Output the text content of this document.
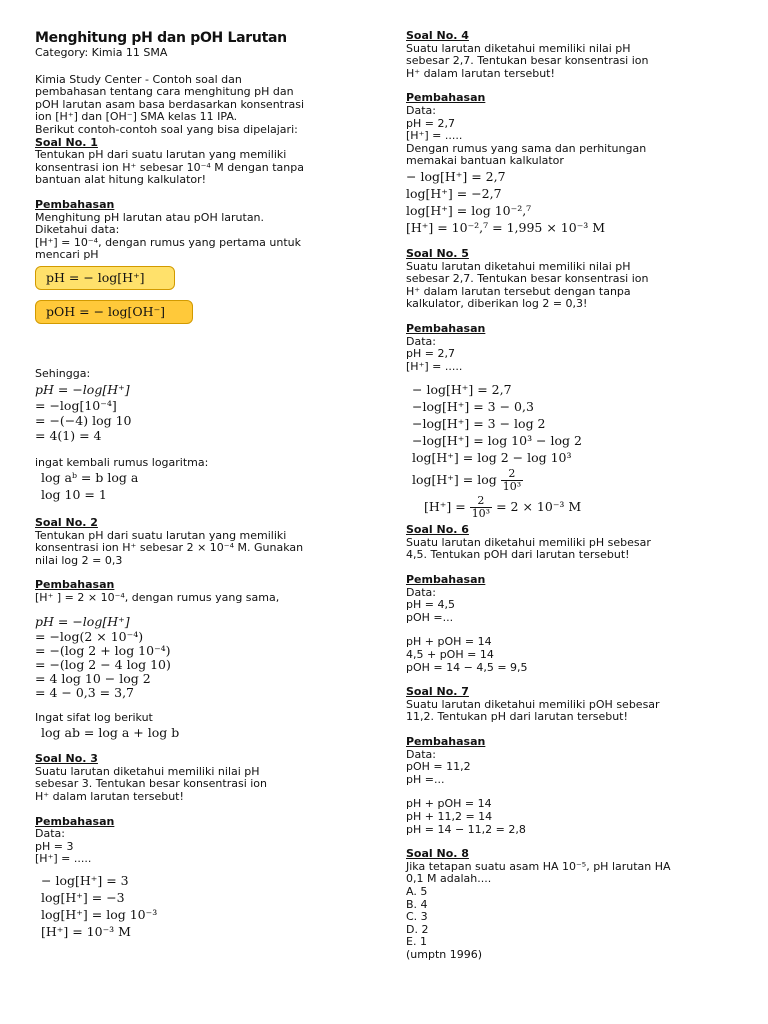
Menghitung pH dan pOH Larutan
Category: Kimia 11 SMA
Kimia Study Center - Contoh soal dan
pembahasan tentang cara menghitung pH dan
pOH larutan asam basa berdasarkan konsentrasi
ion [H⁺] dan [OH⁻] SMA kelas 11 IPA.
Berikut contoh-contoh soal yang bisa dipelajari:
Soal No. 1
Tentukan pH dari suatu larutan yang memiliki
konsentrasi ion H⁺ sebesar 10⁻⁴ M dengan tanpa
bantuan alat hitung kalkulator!
Pembahasan
Menghitung pH larutan atau pOH larutan.
Diketahui data:
[H⁺] = 10⁻⁴, dengan rumus yang pertama untuk
mencari pH
pH = − log[H⁺]
pOH = − log[OH⁻]
Sehingga:
pH = −log[H⁺]
= −log[10⁻⁴]
= −(−4) log 10
= 4(1) = 4
ingat kembali rumus logaritma:
log aᵇ = b log a
log 10 = 1
Soal No. 2
Tentukan pH dari suatu larutan yang memiliki
konsentrasi ion H⁺ sebesar 2 × 10⁻⁴ M. Gunakan
nilai log 2 = 0,3
Pembahasan
[H⁺ ] = 2 × 10⁻⁴, dengan rumus yang sama,
pH = −log[H⁺]
= −log(2 × 10⁻⁴)
= −(log 2 + log 10⁻⁴)
= −(log 2 − 4 log 10)
= 4 log 10 − log 2
= 4 − 0,3 = 3,7
Ingat sifat log berikut
log ab = log a + log b
Soal No. 3
Suatu larutan diketahui memiliki nilai pH
sebesar 3. Tentukan besar konsentrasi ion
H⁺ dalam larutan tersebut!
Pembahasan
Data:
pH = 3
[H⁺] = .....
− log[H⁺] = 3
log[H⁺] = −3
log[H⁺] = log 10⁻³
[H⁺] = 10⁻³ M
Soal No. 4
Suatu larutan diketahui memiliki nilai pH
sebesar 2,7. Tentukan besar konsentrasi ion
H⁺ dalam larutan tersebut!
Pembahasan
Data:
pH = 2,7
[H⁺] = .....
Dengan rumus yang sama dan perhitungan
memakai bantuan kalkulator
− log[H⁺] = 2,7
log[H⁺] = −2,7
log[H⁺] = log 10⁻²,⁷
[H⁺] = 10⁻²,⁷ = 1,995 × 10⁻³ M
Soal No. 5
Suatu larutan diketahui memiliki nilai pH
sebesar 2,7. Tentukan besar konsentrasi ion
H⁺ dalam larutan tersebut dengan tanpa
kalkulator, diberikan log 2 = 0,3!
Pembahasan
Data:
pH = 2,7
[H⁺] = .....
− log[H⁺] = 2,7
−log[H⁺] = 3 − 0,3
−log[H⁺] = 3 − log 2
−log[H⁺] = log 10³ − log 2
log[H⁺] = log 2 − log 10³
$\log[H^+] = \log \frac{2}{\text{10³}}$
$[H^+] = \frac{2}{\text{10³}} = 2 \times 10^{-3}$ M
Soal No. 6
Suatu larutan diketahui memiliki pH sebesar
4,5. Tentukan pOH dari larutan tersebut!
Pembahasan
Data:
pH = 4,5
pOH =...
pH + pOH = 14
4,5 + pOH = 14
pOH = 14 − 4,5 = 9,5
Soal No. 7
Suatu larutan diketahui memiliki pOH sebesar
11,2. Tentukan pH dari larutan tersebut!
Pembahasan
Data:
pOH = 11,2
pH =...
pH + pOH = 14
pH + 11,2 = 14
pH = 14 − 11,2 = 2,8
Soal No. 8
Jika tetapan suatu asam HA 10⁻⁵, pH larutan HA
0,1 M adalah....
A. 5
B. 4
C. 3
D. 2
E. 1
(umptn 1996)
